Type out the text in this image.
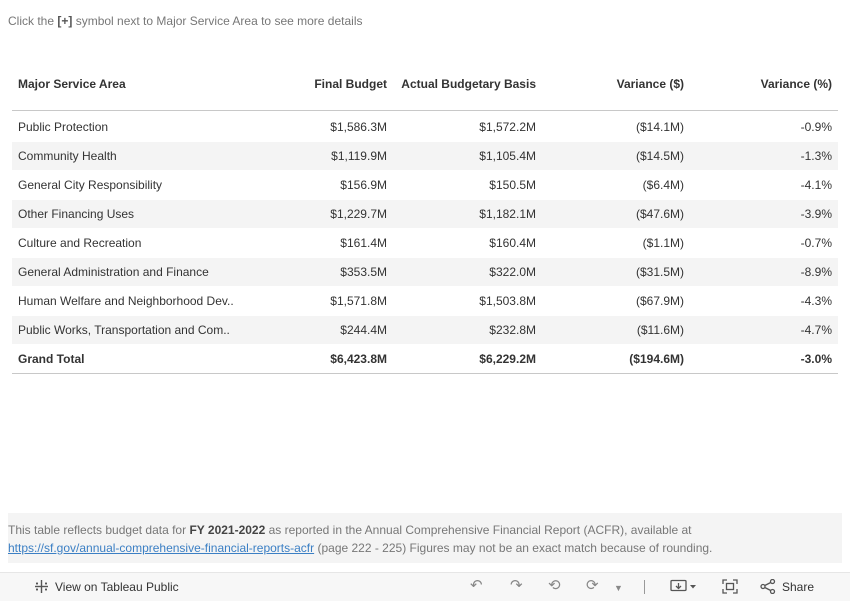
Click the [+] symbol next to Major Service Area to see more details
Major Service Area	Final Budget	Actual Budgetary Basis	Variance ($)	Variance (%)
Public Protection	$1,586.3M	$1,572.2M	($14.1M)	-0.9%
Community Health	$1,119.9M	$1,105.4M	($14.5M)	-1.3%
General City Responsibility	$156.9M	$150.5M	($6.4M)	-4.1%
Other Financing Uses	$1,229.7M	$1,182.1M	($47.6M)	-3.9%
Culture and Recreation	$161.4M	$160.4M	($1.1M)	-0.7%
General Administration and Finance	$353.5M	$322.0M	($31.5M)	-8.9%
Human Welfare and Neighborhood Dev..	$1,571.8M	$1,503.8M	($67.9M)	-4.3%
Public Works, Transportation and Com..	$244.4M	$232.8M	($11.6M)	-4.7%
Grand Total	$6,423.8M	$6,229.2M	($194.6M)	-3.0%
This table reflects budget data for FY 2021-2022 as reported in the Annual Comprehensive Financial Report (ACFR), available at
https://sf.gov/annual-comprehensive-financial-reports-acfr (page 222 - 225) Figures may not be an exact match because of rounding.
View on Tableau Public	↶ ↷ ⟲ ⟳ ▼	Share
